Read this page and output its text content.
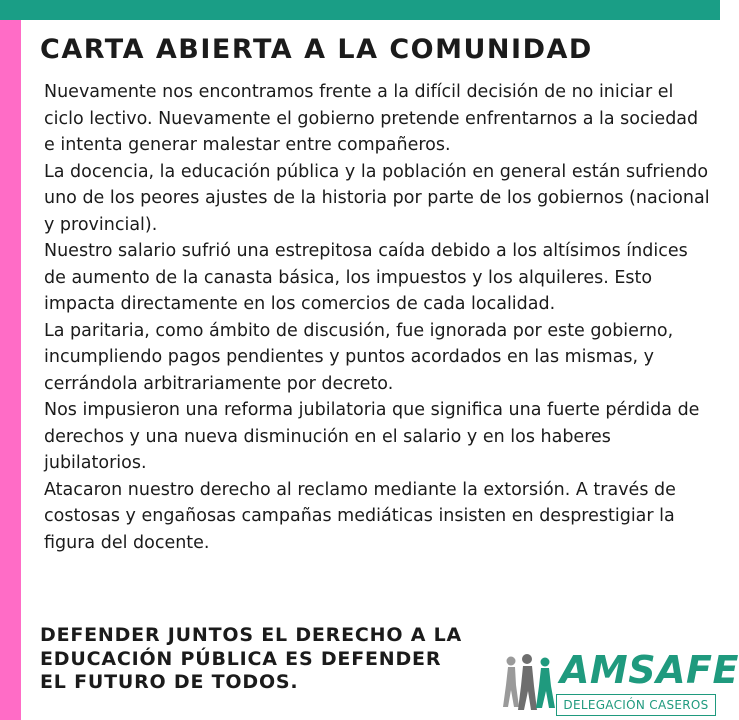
CARTA ABIERTA A LA COMUNIDAD

Nuevamente nos encontramos frente a la difícil decisión de no iniciar el ciclo lectivo. Nuevamente el gobierno pretende enfrentarnos a la sociedad e intenta generar malestar entre compañeros.

La docencia, la educación pública y la población en general están sufriendo uno de los peores ajustes de la historia por parte de los gobiernos (nacional y provincial).

Nuestro salario sufrió una estrepitosa caída debido a los altísimos índices de aumento de la canasta básica, los impuestos y los alquileres. Esto impacta directamente en los comercios de cada localidad.

La paritaria, como ámbito de discusión, fue ignorada por este gobierno, incumpliendo pagos pendientes y puntos acordados en las mismas, y cerrándola arbitrariamente por decreto.

Nos impusieron una reforma jubilatoria que significa una fuerte pérdida de derechos y una nueva disminución en el salario y en los haberes jubilatorios.

Atacaron nuestro derecho al reclamo mediante la extorsión. A través de costosas y engañosas campañas mediáticas insisten en desprestigiar la figura del docente.

DEFENDER JUNTOS EL DERECHO A LA
EDUCACIÓN PÚBLICA ES DEFENDER
EL FUTURO DE TODOS.	AMSAFE
DELEGACIÓN CASEROS
